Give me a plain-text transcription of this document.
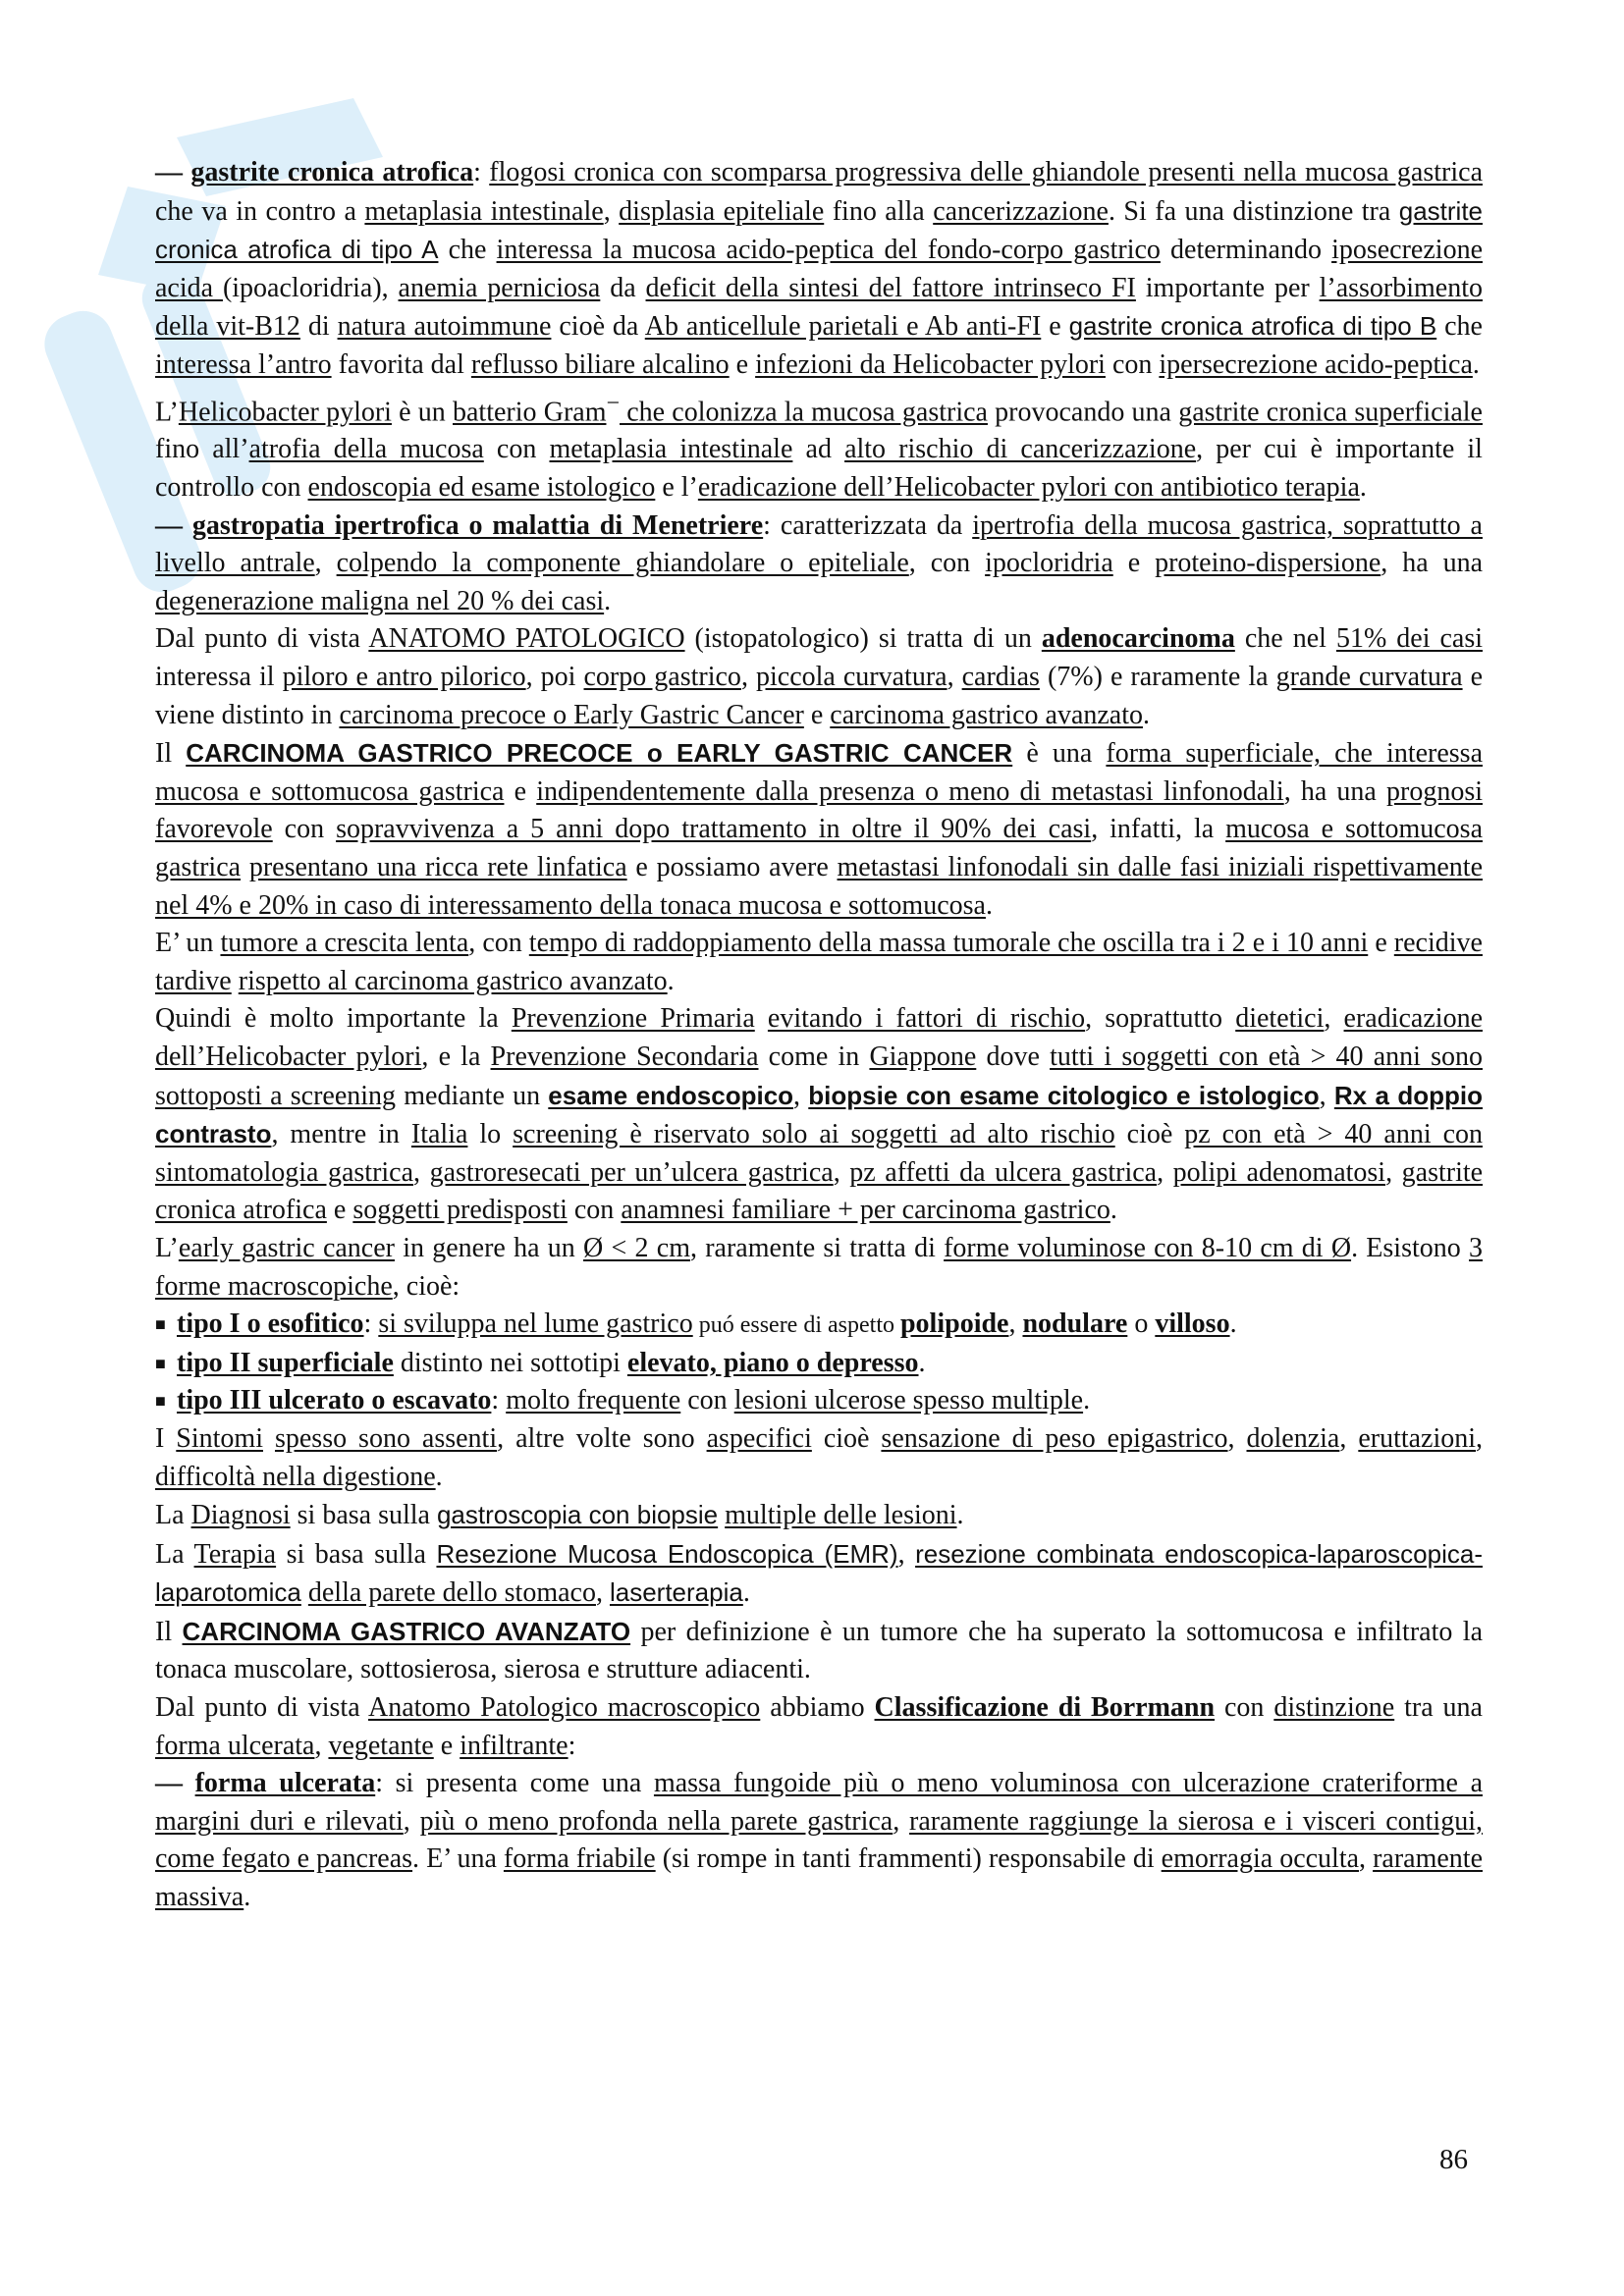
— gastrite cronica atrofica: flogosi cronica con scomparsa progressiva delle ghiandole presenti nella mucosa gastrica che va in contro a metaplasia intestinale, displasia epiteliale fino alla cancerizzazione. Si fa una distinzione tra gastrite cronica atrofica di tipo A che interessa la mucosa acido-peptica del fondo-corpo gastrico determinando iposecrezione acida (ipoacloridria), anemia perniciosa da deficit della sintesi del fattore intrinseco FI importante per l’assorbimento della vit-B12 di natura autoimmune cioè da Ab anticellule parietali e Ab anti-FI e gastrite cronica atrofica di tipo B che interessa l’antro favorita dal reflusso biliare alcalino e infezioni da Helicobacter pylori con ipersecrezione acido-peptica.

L’Helicobacter pylori è un batterio Gram− che colonizza la mucosa gastrica provocando una gastrite cronica superficiale fino all’atrofia della mucosa con metaplasia intestinale ad alto rischio di cancerizzazione, per cui è importante il controllo con endoscopia ed esame istologico e l’eradicazione dell’Helicobacter pylori con antibiotico terapia.

— gastropatia ipertrofica o malattia di Menetriere: caratterizzata da ipertrofia della mucosa gastrica, soprattutto a livello antrale, colpendo la componente ghiandolare o epiteliale, con ipocloridria e proteino-dispersione, ha una degenerazione maligna nel 20 % dei casi.

Dal punto di vista ANATOMO PATOLOGICO (istopatologico) si tratta di un adenocarcinoma che nel 51% dei casi interessa il piloro e antro pilorico, poi corpo gastrico, piccola curvatura, cardias (7%) e raramente la grande curvatura e viene distinto in carcinoma precoce o Early Gastric Cancer e carcinoma gastrico avanzato.

Il CARCINOMA GASTRICO PRECOCE o EARLY GASTRIC CANCER è una forma superficiale, che interessa mucosa e sottomucosa gastrica e indipendentemente dalla presenza o meno di metastasi linfonodali, ha una prognosi favorevole con sopravvivenza a 5 anni dopo trattamento in oltre il 90% dei casi, infatti, la mucosa e sottomucosa gastrica presentano una ricca rete linfatica e possiamo avere metastasi linfonodali sin dalle fasi iniziali rispettivamente nel 4% e 20% in caso di interessamento della tonaca mucosa e sottomucosa.

E’ un tumore a crescita lenta, con tempo di raddoppiamento della massa tumorale che oscilla tra i 2 e i 10 anni e recidive tardive rispetto al carcinoma gastrico avanzato.

Quindi è molto importante la Prevenzione Primaria evitando i fattori di rischio, soprattutto dietetici, eradicazione dell’Helicobacter pylori, e la Prevenzione Secondaria come in Giappone dove tutti i soggetti con età > 40 anni sono sottoposti a screening mediante un esame endoscopico, biopsie con esame citologico e istologico, Rx a doppio contrasto, mentre in Italia lo screening è riservato solo ai soggetti ad alto rischio cioè pz con età > 40 anni con sintomatologia gastrica, gastroresecati per un’ulcera gastrica, pz affetti da ulcera gastrica, polipi adenomatosi, gastrite cronica atrofica e soggetti predisposti con anamnesi familiare + per carcinoma gastrico.

L’early gastric cancer in genere ha un Ø < 2 cm, raramente si tratta di forme voluminose con 8-10 cm di Ø. Esistono 3 forme macroscopiche, cioè:

■ tipo I o esofitico: si sviluppa nel lume gastrico puó essere di aspetto polipoide, nodulare o villoso.

■ tipo II superficiale distinto nei sottotipi elevato, piano o depresso.

■ tipo III ulcerato o escavato: molto frequente con lesioni ulcerose spesso multiple.

I Sintomi spesso sono assenti, altre volte sono aspecifici cioè sensazione di peso epigastrico, dolenzia, eruttazioni, difficoltà nella digestione.

La Diagnosi si basa sulla gastroscopia con biopsie multiple delle lesioni.

La Terapia si basa sulla Resezione Mucosa Endoscopica (EMR), resezione combinata endoscopica-laparoscopica-laparotomica della parete dello stomaco, laserterapia.

Il CARCINOMA GASTRICO AVANZATO per definizione è un tumore che ha superato la sottomucosa e infiltrato la tonaca muscolare, sottosierosa, sierosa e strutture adiacenti.

Dal punto di vista Anatomo Patologico macroscopico abbiamo Classificazione di Borrmann con distinzione tra una forma ulcerata, vegetante e infiltrante:

— forma ulcerata: si presenta come una massa fungoide più o meno voluminosa con ulcerazione crateriforme a margini duri e rilevati, più o meno profonda nella parete gastrica, raramente raggiunge la sierosa e i visceri contigui, come fegato e pancreas. E’ una forma friabile (si rompe in tanti frammenti) responsabile di emorragia occulta, raramente massiva.

86
